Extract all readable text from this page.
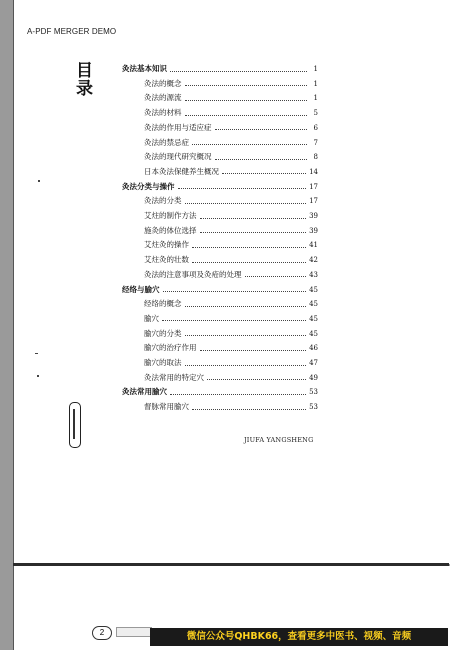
A-PDF MERGER DEMO
目
录
灸法基本知识	1
灸法的概念	1
灸法的源流	1
灸法的材料	5
灸法的作用与适应症	6
灸法的禁忌症	7
灸法的现代研究概况	8
日本灸法保健养生概况	14
灸法分类与操作	17
灸法的分类	17
艾炷的制作方法	39
施灸的体位选择	39
艾炷灸的操作	41
艾炷灸的壮数	42
灸法的注意事项及灸疮的处理	43
经络与腧穴	45
经络的概念	45
腧穴	45
腧穴的分类	45
腧穴的治疗作用	46
腧穴的取法	47
灸法常用的特定穴	49
灸法常用腧穴	53
督脉常用腧穴	53
JIUFA YANGSHENG
2	微信公众号QHBK66，查看更多中医书、视频、音频
